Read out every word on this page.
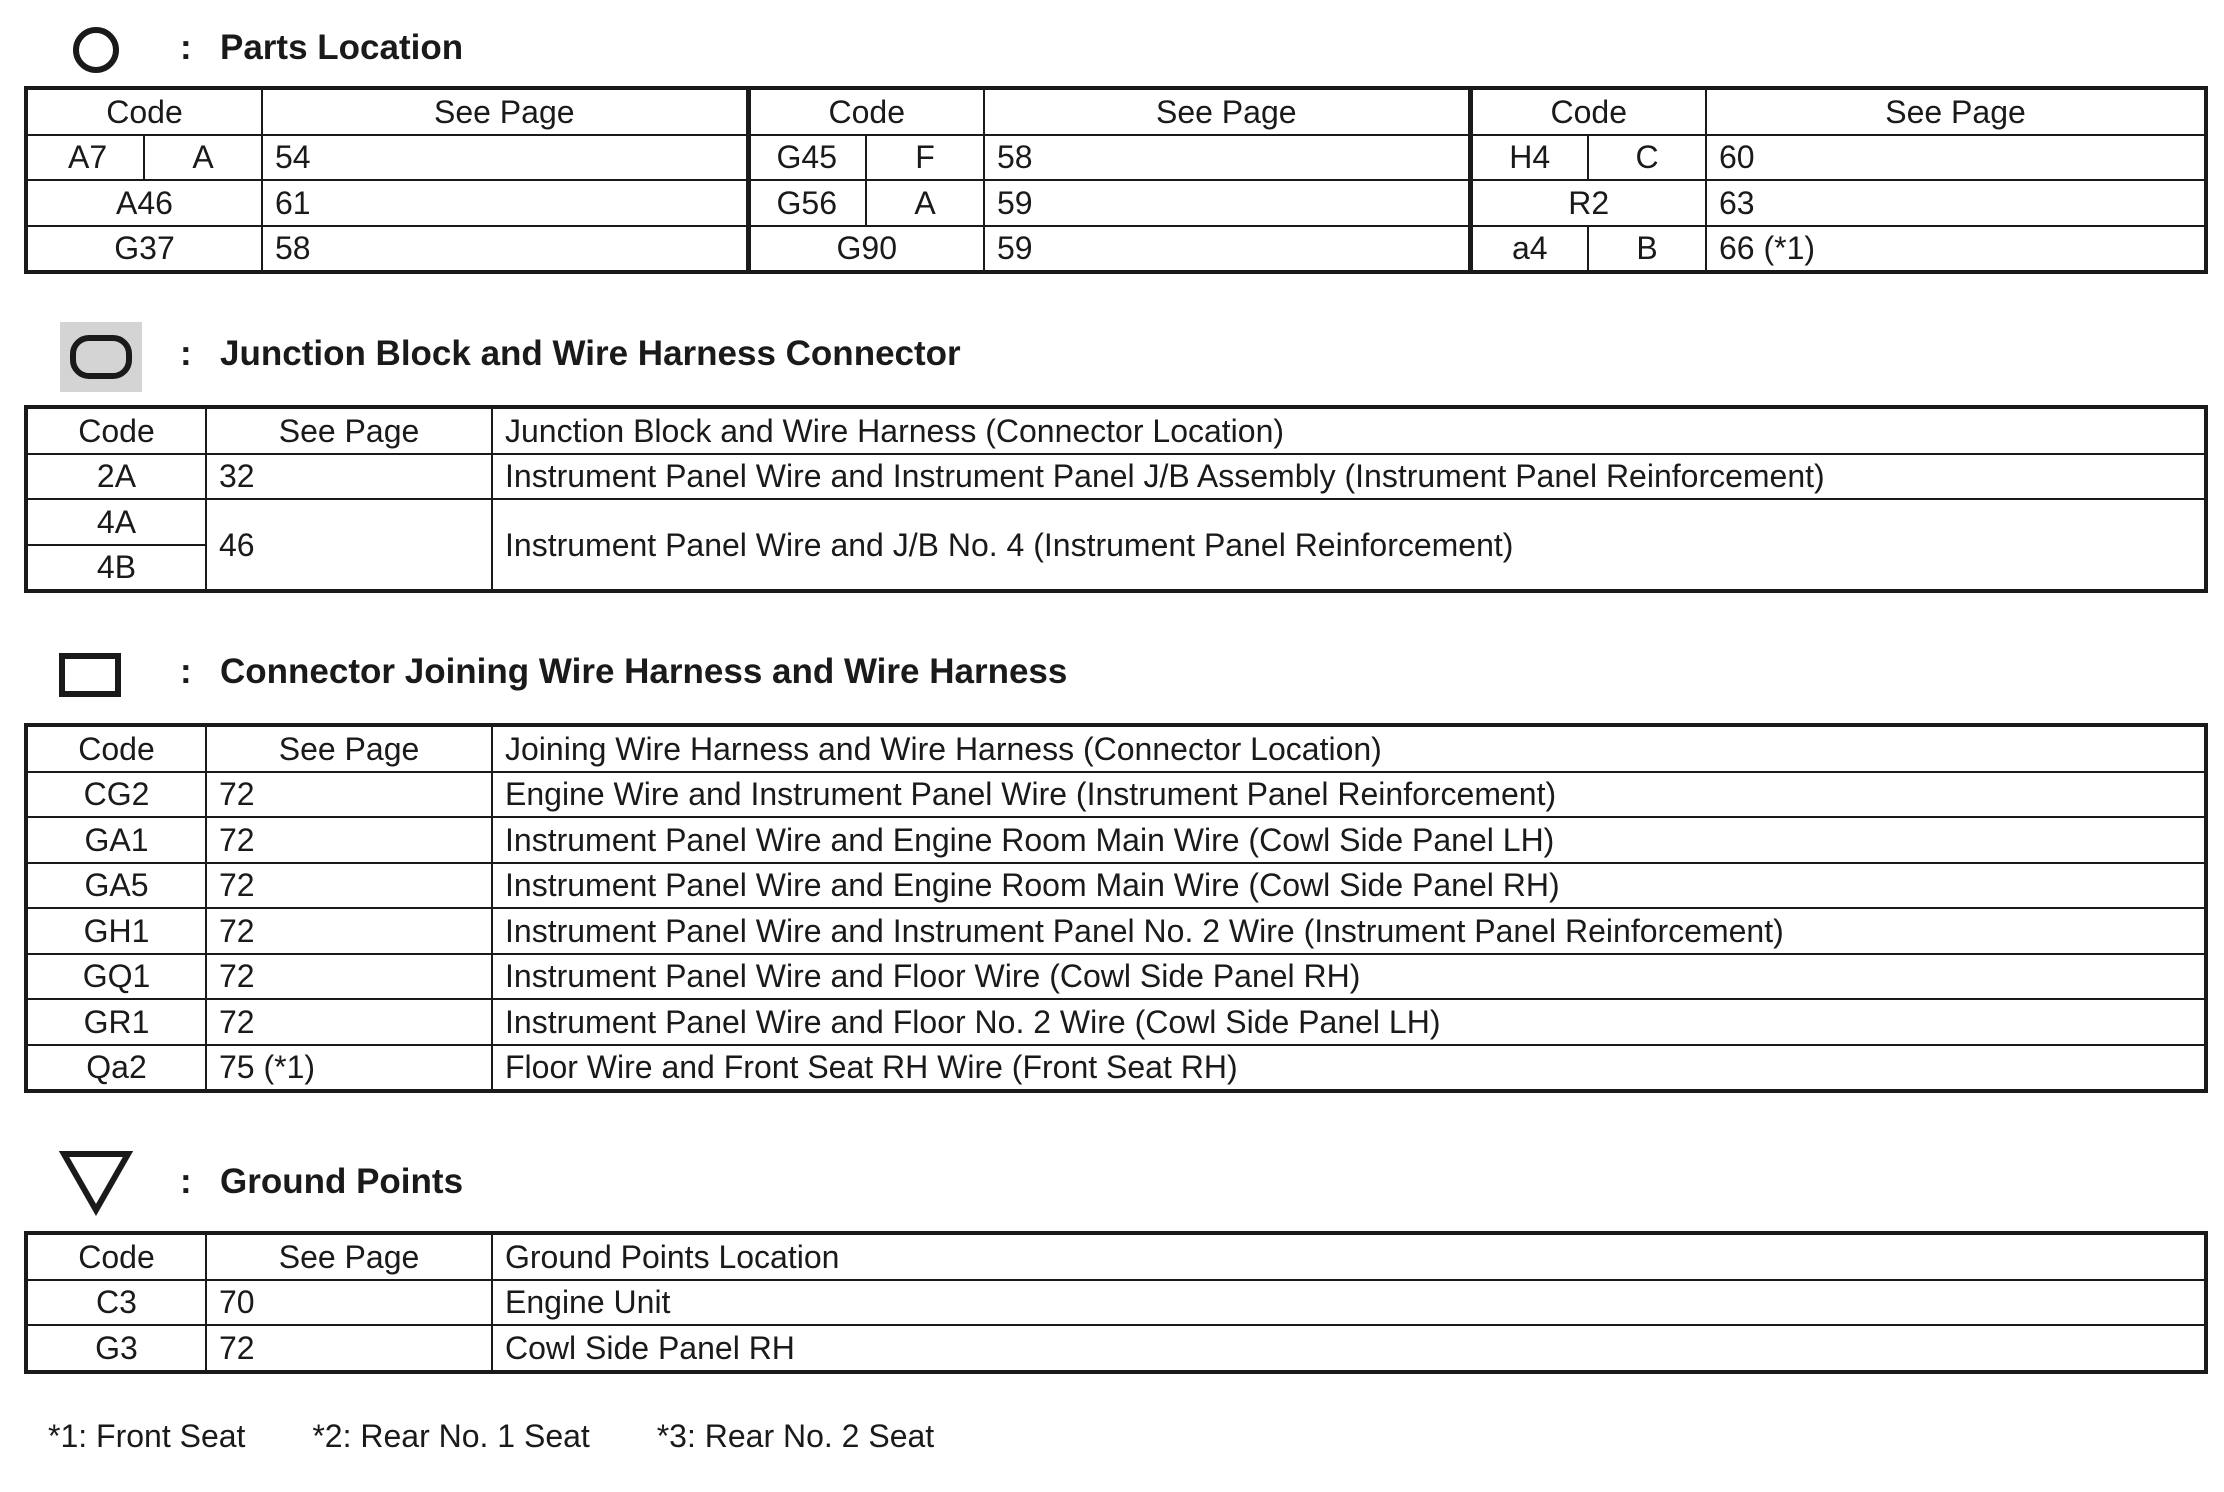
: Parts Location
Code		See Page	Code		See Page	Code		See Page
A7	A	54	G45	F	58	H4	C	60
A46		61	G56	A	59	R2		63
G37		58	G90		59	a4	B	66 (*1)
: Junction Block and Wire Harness Connector
Code	See Page	Junction Block and Wire Harness (Connector Location)
2A	32	Instrument Panel Wire and Instrument Panel J/B Assembly (Instrument Panel Reinforcement)
4A	46	Instrument Panel Wire and J/B No. 4 (Instrument Panel Reinforcement)
4B		
: Connector Joining Wire Harness and Wire Harness
Code	See Page	Joining Wire Harness and Wire Harness (Connector Location)
CG2	72	Engine Wire and Instrument Panel Wire (Instrument Panel Reinforcement)
GA1	72	Instrument Panel Wire and Engine Room Main Wire (Cowl Side Panel LH)
GA5	72	Instrument Panel Wire and Engine Room Main Wire (Cowl Side Panel RH)
GH1	72	Instrument Panel Wire and Instrument Panel No. 2 Wire (Instrument Panel Reinforcement)
GQ1	72	Instrument Panel Wire and Floor Wire (Cowl Side Panel RH)
GR1	72	Instrument Panel Wire and Floor No. 2 Wire (Cowl Side Panel LH)
Qa2	75 (*1)	Floor Wire and Front Seat RH Wire (Front Seat RH)
: Ground Points
Code	See Page	Ground Points Location
C3	70	Engine Unit
G3	72	Cowl Side Panel RH
*1: Front Seat *2: Rear No. 1 Seat *3: Rear No. 2 Seat
